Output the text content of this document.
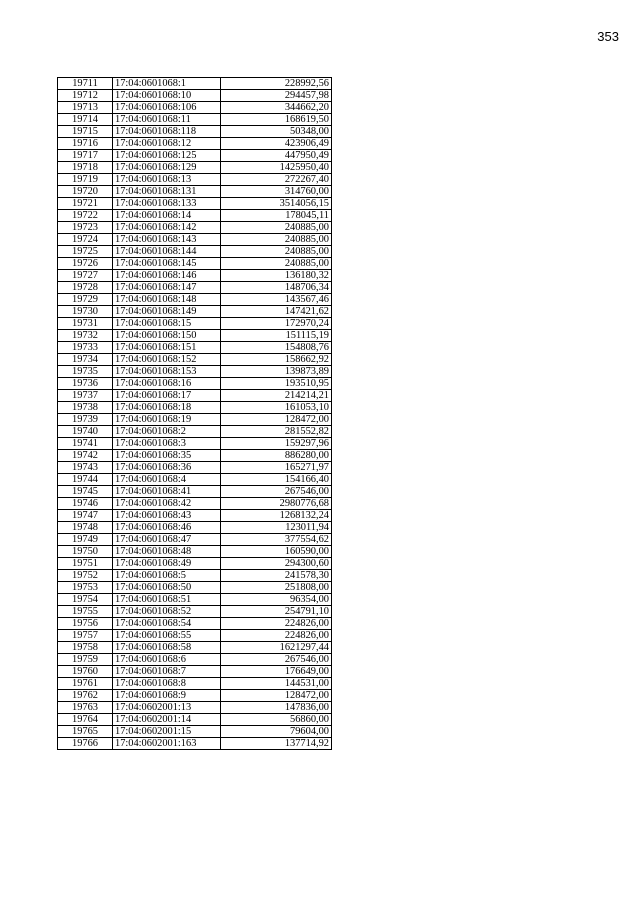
353
19711	17:04:0601068:1	228992,56
19712	17:04:0601068:10	294457,98
19713	17:04:0601068:106	344662,20
19714	17:04:0601068:11	168619,50
19715	17:04:0601068:118	50348,00
19716	17:04:0601068:12	423906,49
19717	17:04:0601068:125	447950,49
19718	17:04:0601068:129	1425950,40
19719	17:04:0601068:13	272267,40
19720	17:04:0601068:131	314760,00
19721	17:04:0601068:133	3514056,15
19722	17:04:0601068:14	178045,11
19723	17:04:0601068:142	240885,00
19724	17:04:0601068:143	240885,00
19725	17:04:0601068:144	240885,00
19726	17:04:0601068:145	240885,00
19727	17:04:0601068:146	136180,32
19728	17:04:0601068:147	148706,34
19729	17:04:0601068:148	143567,46
19730	17:04:0601068:149	147421,62
19731	17:04:0601068:15	172970,24
19732	17:04:0601068:150	151115,19
19733	17:04:0601068:151	154808,76
19734	17:04:0601068:152	158662,92
19735	17:04:0601068:153	139873,89
19736	17:04:0601068:16	193510,95
19737	17:04:0601068:17	214214,21
19738	17:04:0601068:18	161053,10
19739	17:04:0601068:19	128472,00
19740	17:04:0601068:2	281552,82
19741	17:04:0601068:3	159297,96
19742	17:04:0601068:35	886280,00
19743	17:04:0601068:36	165271,97
19744	17:04:0601068:4	154166,40
19745	17:04:0601068:41	267546,00
19746	17:04:0601068:42	2980776,68
19747	17:04:0601068:43	1268132,24
19748	17:04:0601068:46	123011,94
19749	17:04:0601068:47	377554,62
19750	17:04:0601068:48	160590,00
19751	17:04:0601068:49	294300,60
19752	17:04:0601068:5	241578,30
19753	17:04:0601068:50	251808,00
19754	17:04:0601068:51	96354,00
19755	17:04:0601068:52	254791,10
19756	17:04:0601068:54	224826,00
19757	17:04:0601068:55	224826,00
19758	17:04:0601068:58	1621297,44
19759	17:04:0601068:6	267546,00
19760	17:04:0601068:7	176649,00
19761	17:04:0601068:8	144531,00
19762	17:04:0601068:9	128472,00
19763	17:04:0602001:13	147836,00
19764	17:04:0602001:14	56860,00
19765	17:04:0602001:15	79604,00
19766	17:04:0602001:163	137714,92
